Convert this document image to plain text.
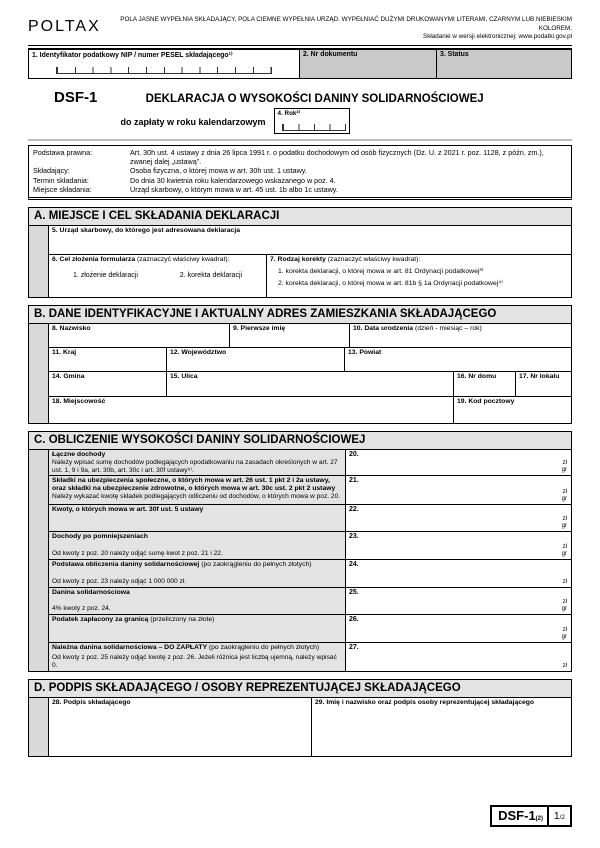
POLTAX	POLA JASNE WYPEŁNIA SKŁADAJĄCY, POLA CIEMNE WYPEŁNIA URZĄD. WYPEŁNIAĆ DUŻYMI DRUKOWANYMI LITERAMI, CZARNYM LUB NIEBIESKIM KOLOREM.
Składanie w wersji elektronicznej: www.podatki.gov.pl
1. Identyfikator podatkowy NIP / numer PESEL składającego¹⁾	2. Nr dokumentu	3. Status
DSF-1	DEKLARACJA O WYSOKOŚCI DANINY SOLIDARNOŚCIOWEJ
do zapłaty w roku kalendarzowym
4. Rok²⁾
Podstawa prawna:	Art. 30h ust. 4 ustawy z dnia 26 lipca 1991 r. o podatku dochodowym od osób fizycznych (Dz. U. z 2021 r. poz. 1128, z późn. zm.), zwanej dalej „ustawą”.
Składający:	Osoba fizyczna, o której mowa w art. 30h ust. 1 ustawy.
Termin składania:	Do dnia 30 kwietnia roku kalendarzowego wskazanego w poz. 4.
Miejsce składania:	Urząd skarbowy, o którym mowa w art. 45 ust. 1b albo 1c ustawy.
A. MIEJSCE I CEL SKŁADANIA DEKLARACJI
5. Urząd skarbowy, do którego jest adresowana deklaracja
6. Cel złożenia formularza (zaznaczyć właściwy kwadrat):
1. złożenie deklaracji	2. korekta deklaracji
7. Rodzaj korekty (zaznaczyć właściwy kwadrat):
1. korekta deklaracji, o której mowa w art. 81 Ordynacji podatkowej³⁾
2. korekta deklaracji, o której mowa w art. 81b § 1a Ordynacji podatkowej⁴⁾
B. DANE IDENTYFIKACYJNE I AKTUALNY ADRES ZAMIESZKANIA SKŁADAJĄCEGO
8. Nazwisko	9. Pierwsze imię	10. Data urodzenia (dzień - miesiąc – rok)
11. Kraj	12. Województwo	13. Powiat
14. Gmina	15. Ulica	16. Nr domu	17. Nr lokalu
18. Miejscowość	19. Kod pocztowy
C. OBLICZENIE WYSOKOŚCI DANINY SOLIDARNOŚCIOWEJ
Łączne dochody
Należy wpisać sumę dochodów podlegających opodatkowaniu na zasadach określonych w art. 27 ust. 1, 9 i 9a, art. 30b, art. 30c i art. 30f ustawy⁵⁾.
20.
zł
gr
Składki na ubezpieczenia społeczne, o których mowa w art. 26 ust. 1 pkt 2 i 2a ustawy, oraz składki na ubezpieczenie zdrowotne, o których mowa w art. 30c ust. 2 pkt 2 ustawy
Należy wykazać kwotę składek podlegających odliczeniu od dochodów, o których mowa w poz. 20.
21.
zł
gr
Kwoty, o których mowa w art. 30f ust. 5 ustawy	22.
zł
gr
Dochody po pomniejszeniach
Od kwoty z poz. 20 należy odjąć sumę kwot z poz. 21 i 22.
23.
zł
gr
Podstawa obliczenia daniny solidarnościowej (po zaokrągleniu do pełnych złotych)
Od kwoty z poz. 23 należy odjąć 1 000 000 zł.
24.
zł
Danina solidarnościowa
4% kwoty z poz. 24.
25.
zł
gr
Podatek zapłacony za granicą (przeliczony na złote)	26.
zł
gr
Należna danina solidarnościowa – DO ZAPŁATY (po zaokrągleniu do pełnych złotych)
Od kwoty z poz. 25 należy odjąć kwotę z poz. 26. Jeżeli różnica jest liczbą ujemną, należy wpisać 0.
27.
zł
D. PODPIS SKŁADAJĄCEGO / OSOBY REPREZENTUJĄCEJ SKŁADAJĄCEGO
28. Podpis składającego	29. Imię i nazwisko oraz podpis osoby reprezentującej składającego
DSF-1(2)	1 /2
